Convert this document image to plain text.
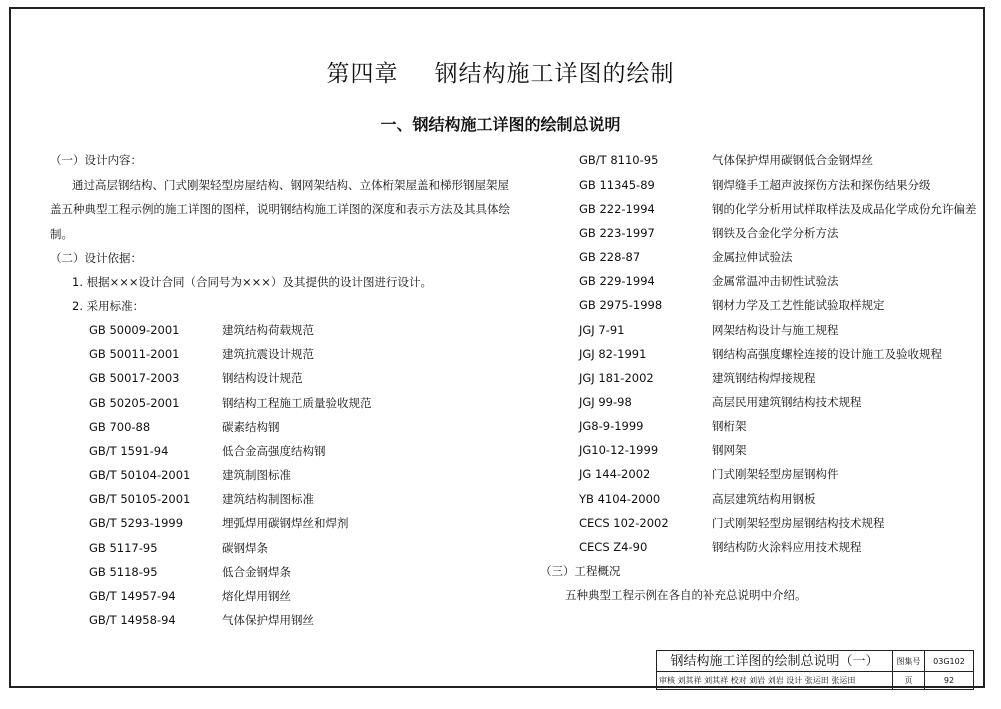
第四章 钢结构施工详图的绘制
一、钢结构施工详图的绘制总说明
（一）设计内容：
通过高层钢结构、门式刚架轻型房屋结构、钢网架结构、立体桁架屋盖和梯形钢屋架屋
盖五种典型工程示例的施工详图的图样，说明钢结构施工详图的深度和表示方法及其具体绘
制。
（二）设计依据：
1. 根据×××设计合同（合同号为×××）及其提供的设计图进行设计。
2. 采用标准：
GB 50009-2001	建筑结构荷载规范
GB 50011-2001	建筑抗震设计规范
GB 50017-2003	钢结构设计规范
GB 50205-2001	钢结构工程施工质量验收规范
GB 700-88	碳素结构钢
GB/T 1591-94	低合金高强度结构钢
GB/T 50104-2001	建筑制图标准
GB/T 50105-2001	建筑结构制图标准
GB/T 5293-1999	埋弧焊用碳钢焊丝和焊剂
GB 5117-95	碳钢焊条
GB 5118-95	低合金钢焊条
GB/T 14957-94	熔化焊用钢丝
GB/T 14958-94	气体保护焊用钢丝
GB/T 8110-95	气体保护焊用碳钢低合金钢焊丝
GB 11345-89	钢焊缝手工超声波探伤方法和探伤结果分级
GB 222-1994	钢的化学分析用试样取样法及成品化学成份允许偏差
GB 223-1997	钢铁及合金化学分析方法
GB 228-87	金属拉伸试验法
GB 229-1994	金属常温冲击韧性试验法
GB 2975-1998	钢材力学及工艺性能试验取样规定
JGJ 7-91	网架结构设计与施工规程
JGJ 82-1991	钢结构高强度螺栓连接的设计施工及验收规程
JGJ 181-2002	建筑钢结构焊接规程
JGJ 99-98	高层民用建筑钢结构技术规程
JG8-9-1999	钢桁架
JG10-12-1999	钢网架
JG 144-2002	门式刚架轻型房屋钢构件
YB 4104-2000	高层建筑结构用钢板
CECS 102-2002	门式刚架轻型房屋钢结构技术规程
CECS Z4-90	钢结构防火涂料应用技术规程
（三）工程概况
五种典型工程示例在各自的补充总说明中介绍。
钢结构施工详图的绘制总说明（一）	图集号	03G102
审核 刘其祥 刘其祥 校对 刘岩 刘岩 设计 张运田 张运田	页	92
